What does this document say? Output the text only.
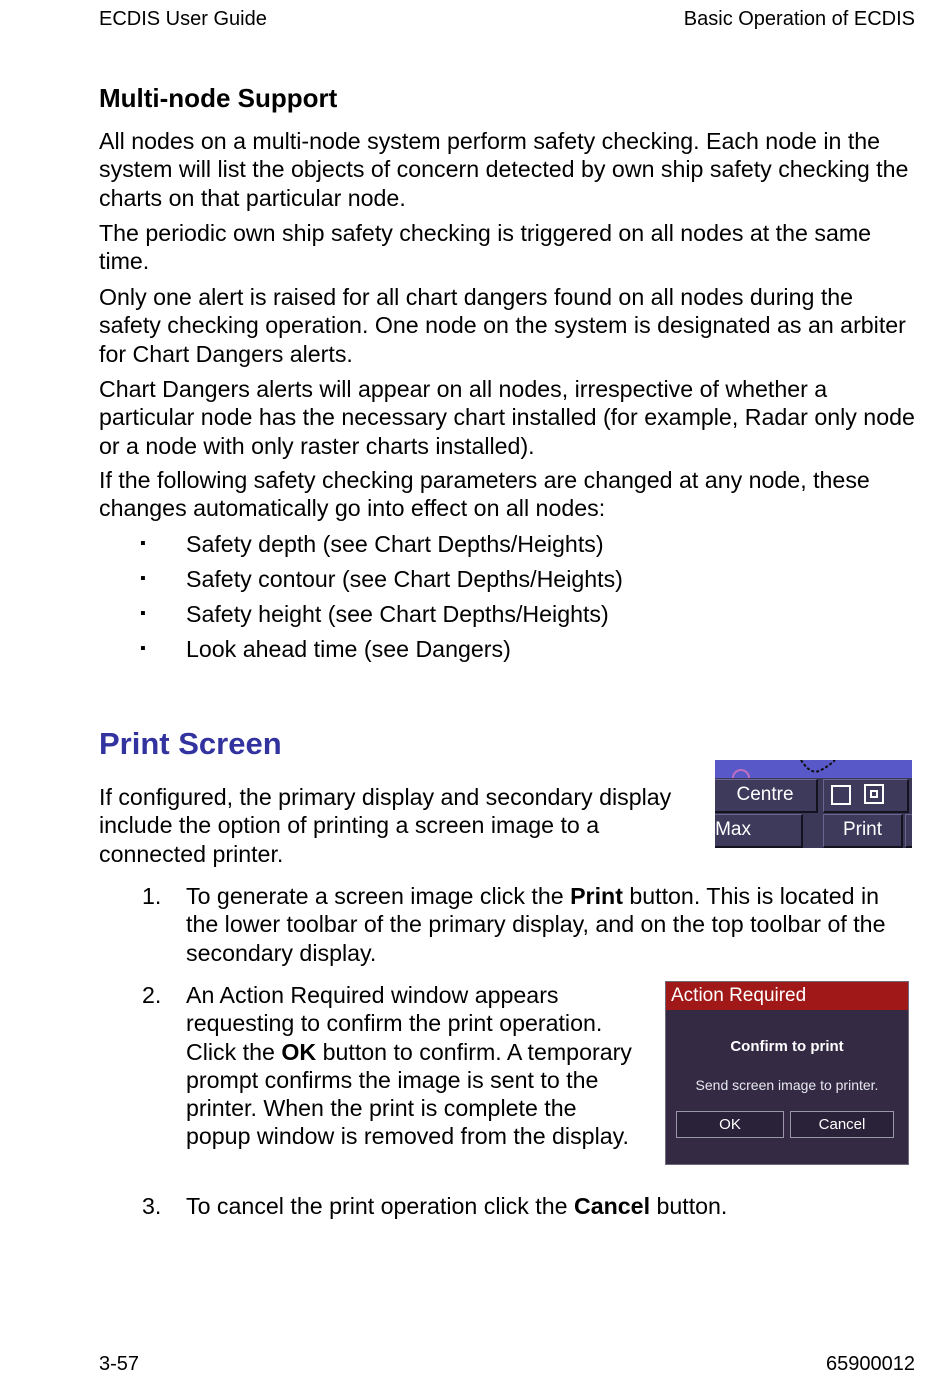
ECDIS User Guide	Basic Operation of ECDIS
Multi-node Support
All nodes on a multi-node system perform safety checking. Each node in the system will list the objects of concern detected by own ship safety checking the charts on that particular node.
The periodic own ship safety checking is triggered on all nodes at the same time.
Only one alert is raised for all chart dangers found on all nodes during the safety checking operation. One node on the system is designated as an arbiter for Chart Dangers alerts.
Chart Dangers alerts will appear on all nodes, irrespective of whether a particular node has the necessary chart installed (for example, Radar only node or a node with only raster charts installed).
If the following safety checking parameters are changed at any node, these changes automatically go into effect on all nodes:
▪ Safety depth (see Chart Depths/Heights)
▪ Safety contour (see Chart Depths/Heights)
▪ Safety height (see Chart Depths/Heights)
▪ Look ahead time (see Dangers)
Print Screen
If configured, the primary display and secondary display include the option of printing a screen image to a connected printer.
Centre
Max	Print
1. To generate a screen image click the Print button. This is located in the lower toolbar of the primary display, and on the top toolbar of the secondary display.
2. An Action Required window appears requesting to confirm the print operation. Click the OK button to confirm. A temporary prompt confirms the image is sent to the printer. When the print is complete the popup window is removed from the display.
3. To cancel the print operation click the Cancel button.
Action Required
Confirm to print
Send screen image to printer.
OK	Cancel
3-57	65900012
